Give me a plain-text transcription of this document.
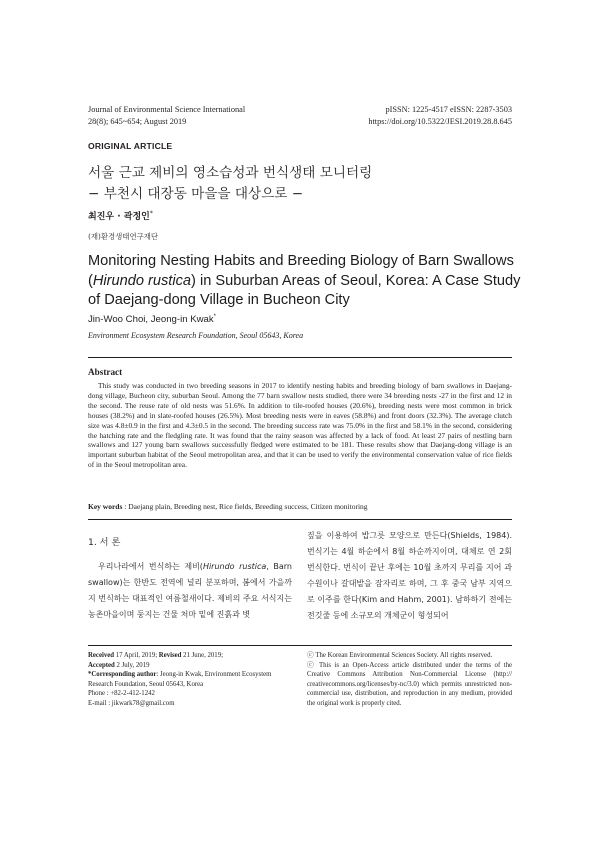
Journal of Environmental Science International
28(8); 645~654; August 2019
pISSN: 1225-4517 eISSN: 2287-3503
https://doi.org/10.5322/JESI.2019.28.8.645
ORIGINAL ARTICLE
서울 근교 제비의 영소습성과 번식생태 모니터링
− 부천시 대장동 마을을 대상으로 −
최진우 · 곽정인*
(재)환경생태연구재단
Monitoring Nesting Habits and Breeding Biology of Barn Swallows (Hirundo rustica) in Suburban Areas of Seoul, Korea: A Case Study of Daejang-dong Village in Bucheon City
Jin-Woo Choi, Jeong-in Kwak*
Environment Ecosystem Research Foundation, Seoul 05643, Korea
Abstract
This study was conducted in two breeding seasons in 2017 to identify nesting habits and breeding biology of barn swallows in Daejang-dong village, Bucheon city, suburban Seoul. Among the 77 barn swallow nests studied, there were 34 breeding nests -27 in the first and 12 in the second. The reuse rate of old nests was 51.6%. In addition to tile-roofed houses (20.6%), breeding nests were most common in brick houses (38.2%) and in slate-roofed houses (26.5%). Most breeding nests were in eaves (58.8%) and front doors (32.3%). The average clutch size was 4.8±0.9 in the first and 4.3±0.5 in the second. The breeding success rate was 75.0% in the first and 58.1% in the second, considering the hatching rate and the fledgling rate. It was found that the rainy season was affected by a lack of food. At least 27 pairs of nestling barn swallows and 127 young barn swallows successfully fledged were estimated to be 181. These results show that Daejang-dong village is an important suburban habitat of the Seoul metropolitan area, and that it can be used to verify the environmental conservation value of rice fields of in the Seoul metropolitan area.
Key words : Daejang plain, Breeding nest, Rice fields, Breeding success, Citizen monitoring
1. 서 론
우리나라에서 번식하는 제비(Hirundo rustica, Barn swallow)는 한반도 전역에 널리 분포하며, 봄에서 가을까지 번식하는 대표적인 여름철새이다. 제비의 주요 서식지는 농촌마을이며 둥지는 건물 처마 밑에 진흙과 볏
짚을 이용하여 밥그릇 모양으로 만든다(Shields, 1984). 번식기는 4월 하순에서 8월 하순까지이며, 대체로 연 2회 번식한다. 번식이 끝난 후에는 10월 초까지 무리를 지어 과수원이나 갈대밭을 잠자리로 하며, 그 후 중국 남부 지역으로 이주를 한다(Kim and Hahm, 2001). 남하하기 전에는 전깃줄 등에 소규모의 개체군이 형성되어
Received 17 April, 2019; Revised 21 June, 2019;
Accepted 2 July, 2019
*Corresponding author: Jeong-in Kwak, Environment Ecosystem Research Foundation, Seoul 05643, Korea
Phone : +82-2-412-1242
E-mail : jikwark78@gmail.com
ⓒ The Korean Environmental Sciences Society. All rights reserved.
ⓒ This is an Open-Access article distributed under the terms of the Creative Commons Attribution Non-Commercial License (http:// creativecommons.org/licenses/by-nc/3.0) which permits unrestricted non-commercial use, distribution, and reproduction in any medium, provided the original work is properly cited.
